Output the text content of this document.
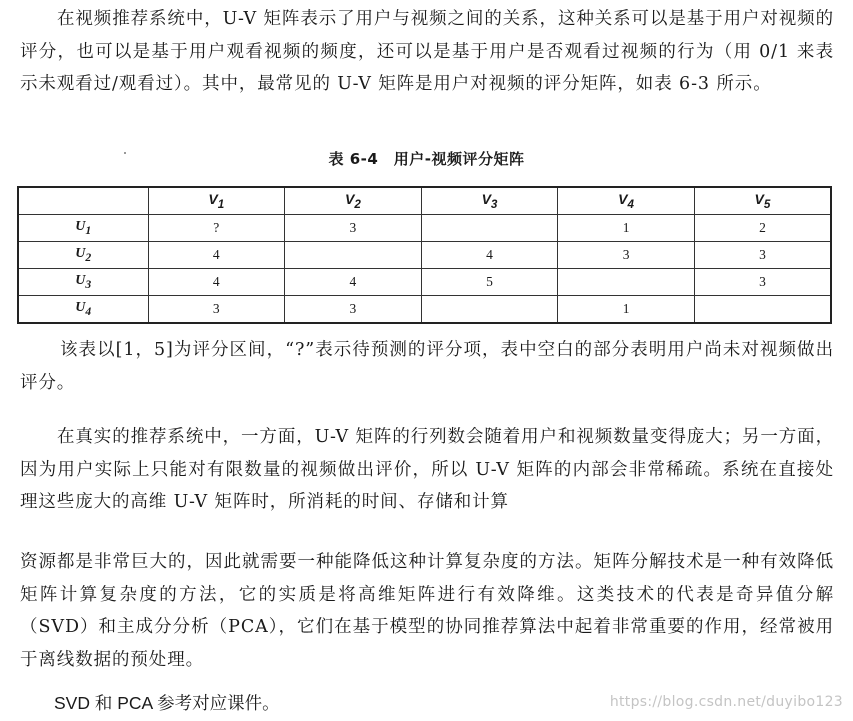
在视频推荐系统中，U-V 矩阵表示了用户与视频之间的关系，这种关系可以是基于用户对视频的评分，也可以是基于用户观看视频的频度，还可以是基于用户是否观看过视频的行为（用 0/1 来表示未观看过/观看过）。其中，最常见的 U-V 矩阵是用户对视频的评分矩阵，如表 6-3 所示。

表 6-4　用户-视频评分矩阵

	$V_1$	$V_2$	$V_3$	$V_4$	$V_5$
$U_1$	?	3		1	2
$U_2$	4		4	3	3
$U_3$	4	4	5		3
$U_4$	3	3		1	

该表以[1，5]为评分区间，“?”表示待预测的评分项，表中空白的部分表明用户尚未对视频做出评分。

在真实的推荐系统中，一方面，U-V 矩阵的行列数会随着用户和视频数量变得庞大；另一方面，因为用户实际上只能对有限数量的视频做出评价，所以 U-V 矩阵的内部会非常稀疏。系统在直接处理这些庞大的高维 U-V 矩阵时，所消耗的时间、存储和计算

资源都是非常巨大的，因此就需要一种能降低这种计算复杂度的方法。矩阵分解技术是一种有效降低矩阵计算复杂度的方法，它的实质是将高维矩阵进行有效降维。这类技术的代表是奇异值分解（SVD）和主成分分析（PCA），它们在基于模型的协同推荐算法中起着非常重要的作用，经常被用于离线数据的预处理。

SVD 和 PCA 参考对应课件。	https://blog.csdn.net/duyibo123
